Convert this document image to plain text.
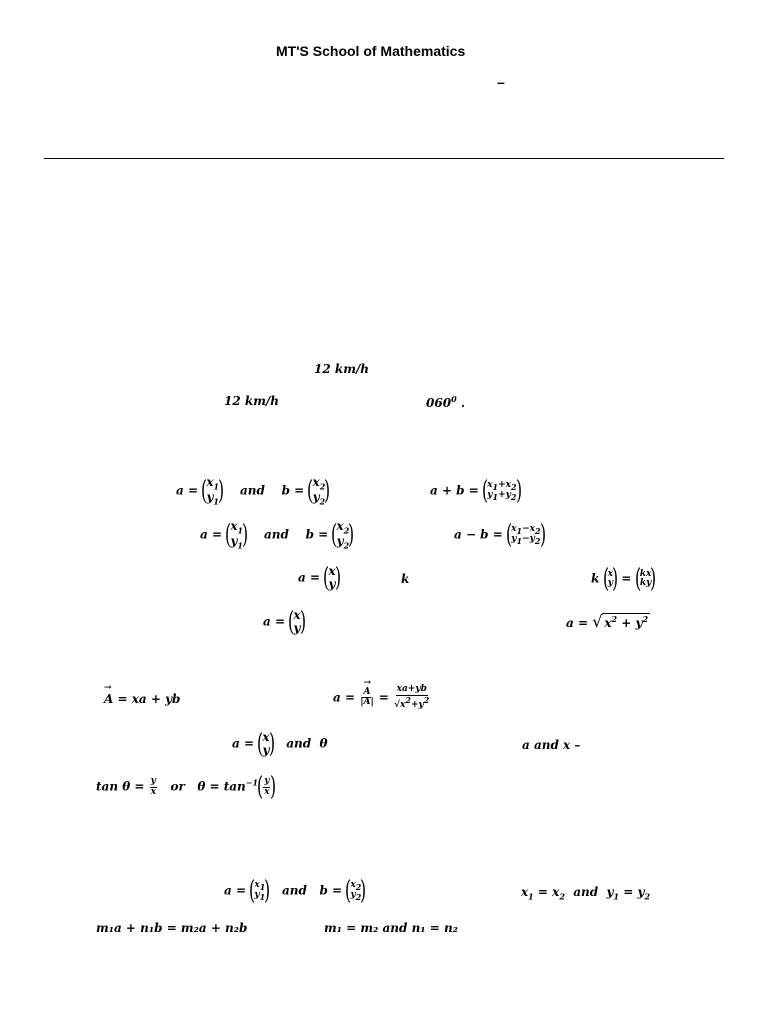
MT'S School of Mathematics
–
12 km/h
12 km/h	$060^0$ .
a = ( $x_1$
$y_1$ ) and b = ( $x_2$
$y_2$ )	a + b = ( $x_1+x_2$
$y_1+y_2$ )
a = ( $x_1$
$y_1$ ) and b = ( $x_2$
$y_2$ )	a − b = ( $x_1-x_2$
$y_1-y_2$ )
a = ( x
y )	k	k ( x
y ) = ( kx
ky )
a = ( x
y )	a = √ $x^2 + y^2$
→ A = xa + yb	a =
→ $\frac{A}{|A|} = \frac{xa+yb}{√x^2+y^2}$
a = ( x
y ) and θ	a and x –
$\tan \theta = \frac{y}{x}$ or $\theta = \tan^{-1}$ ( $\frac{y}{x}$ )
a = ( $x_1$
$y_1$ ) and b = ( $x_2$
$y_2$ )	$x_1 = x_2$ and  $y_1 = y_2$
m₁a + n₁b = m₂a + n₂b	m₁ = m₂ and n₁ = n₂
